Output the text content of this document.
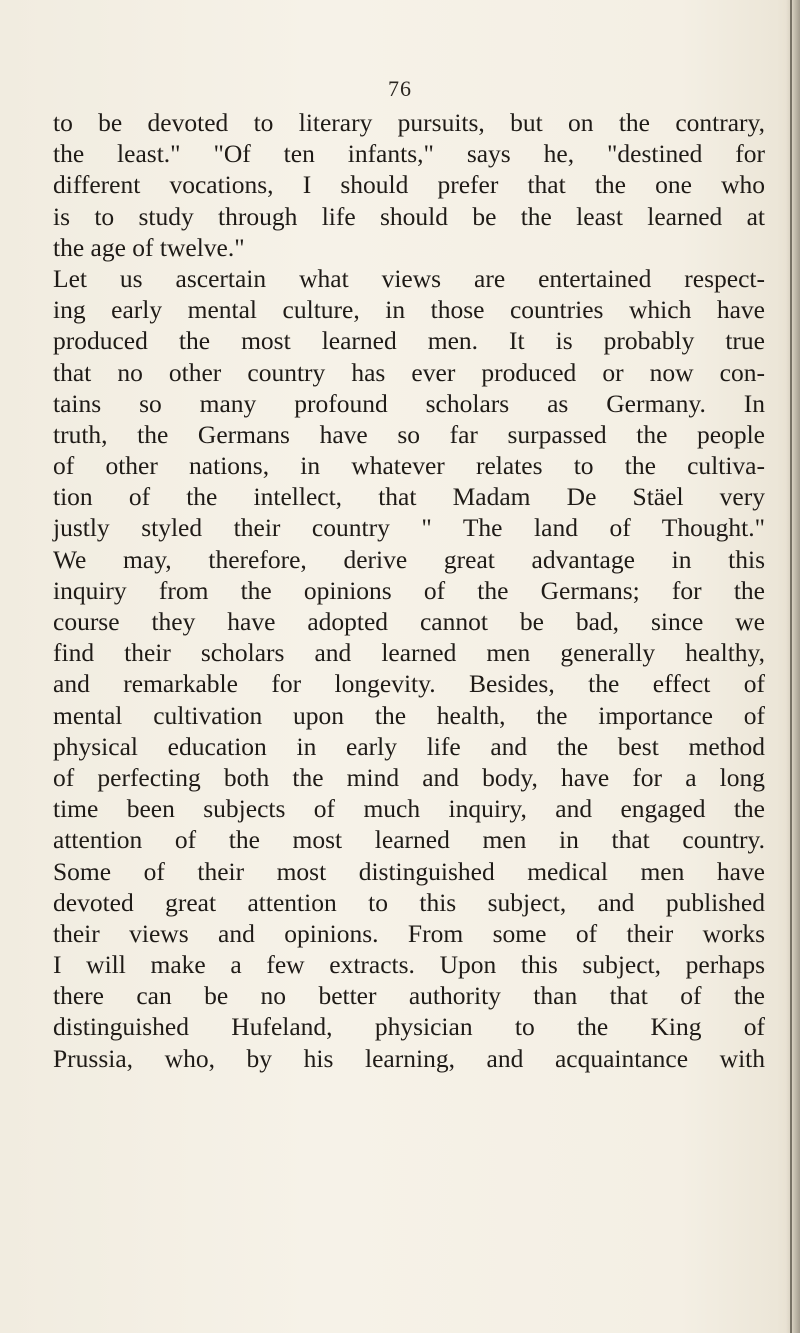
76
to be devoted to literary pursuits, but on the contrary,
the least." "Of ten infants," says he, "destined for
different vocations, I should prefer that the one who
is to study through life should be the least learned at
the age of twelve."
Let us ascertain what views are entertained respect-
ing early mental culture, in those countries which have
produced the most learned men. It is probably true
that no other country has ever produced or now con-
tains so many profound scholars as Germany. In
truth, the Germans have so far surpassed the people
of other nations, in whatever relates to the cultiva-
tion of the intellect, that Madam De Stäel very
justly styled their country " The land of Thought."
We may, therefore, derive great advantage in this
inquiry from the opinions of the Germans; for the
course they have adopted cannot be bad, since we
find their scholars and learned men generally healthy,
and remarkable for longevity. Besides, the effect of
mental cultivation upon the health, the importance of
physical education in early life and the best method
of perfecting both the mind and body, have for a long
time been subjects of much inquiry, and engaged the
attention of the most learned men in that country.
Some of their most distinguished medical men have
devoted great attention to this subject, and published
their views and opinions. From some of their works
I will make a few extracts. Upon this subject, perhaps
there can be no better authority than that of the
distinguished Hufeland, physician to the King of
Prussia, who, by his learning, and acquaintance with
